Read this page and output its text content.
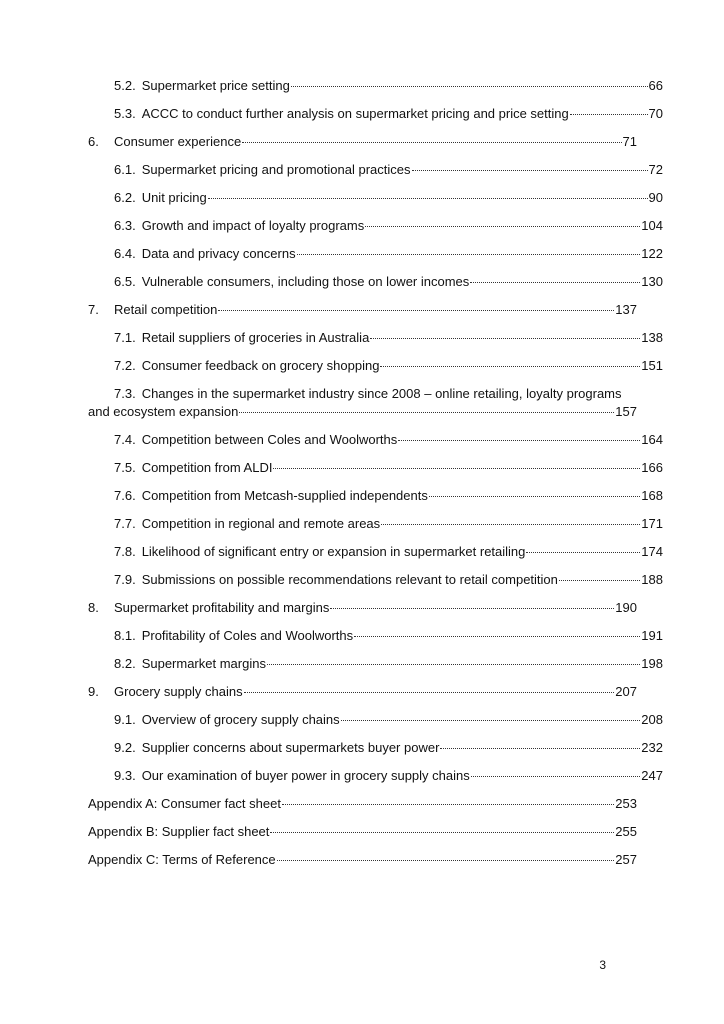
5.2. Supermarket price setting	66
5.3. ACCC to conduct further analysis on supermarket pricing and price setting	70
6.	Consumer experience	71
6.1. Supermarket pricing and promotional practices	72
6.2. Unit pricing	90
6.3. Growth and impact of loyalty programs	104
6.4. Data and privacy concerns	122
6.5. Vulnerable consumers, including those on lower incomes	130
7.	Retail competition	137
7.1. Retail suppliers of groceries in Australia	138
7.2. Consumer feedback on grocery shopping	151
7.3. Changes in the supermarket industry since 2008 – online retailing, loyalty programs
and ecosystem expansion	157
7.4. Competition between Coles and Woolworths	164
7.5. Competition from ALDI	166
7.6. Competition from Metcash-supplied independents	168
7.7. Competition in regional and remote areas	171
7.8. Likelihood of significant entry or expansion in supermarket retailing	174
7.9. Submissions on possible recommendations relevant to retail competition	188
8.	Supermarket profitability and margins	190
8.1. Profitability of Coles and Woolworths	191
8.2. Supermarket margins	198
9.	Grocery supply chains	207
9.1. Overview of grocery supply chains	208
9.2. Supplier concerns about supermarkets buyer power	232
9.3. Our examination of buyer power in grocery supply chains	247
Appendix A: Consumer fact sheet	253
Appendix B: Supplier fact sheet	255
Appendix C: Terms of Reference	257
3
